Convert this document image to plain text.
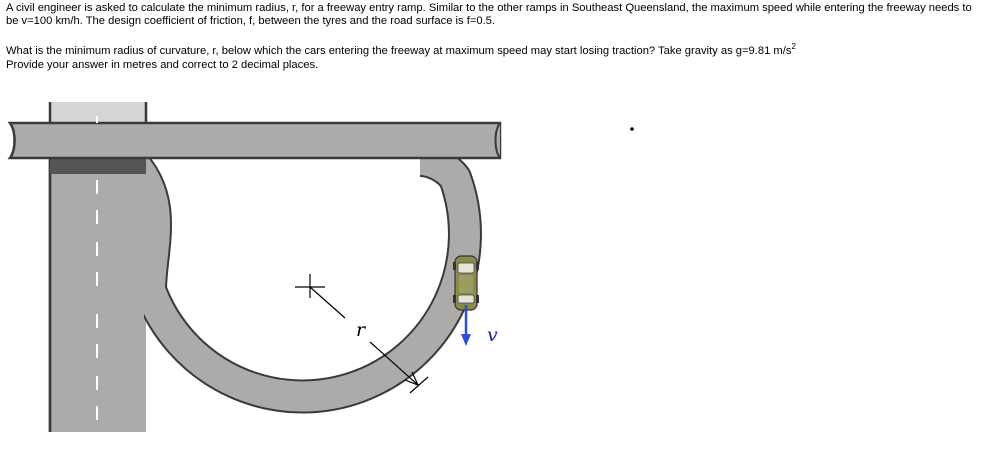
A civil engineer is asked to calculate the minimum radius, r, for a freeway entry ramp. Similar to the other ramps in Southeast Queensland, the maximum speed while entering the freeway needs to
be v=100 km/h. The design coefficient of friction, f, between the tyres and the road surface is f=0.5.
What is the minimum radius of curvature, r, below which the cars entering the freeway at maximum speed may start losing traction? Take gravity as g=9.81 $m/s^2$
Provide your answer in metres and correct to 2 decimal places.
r	v
